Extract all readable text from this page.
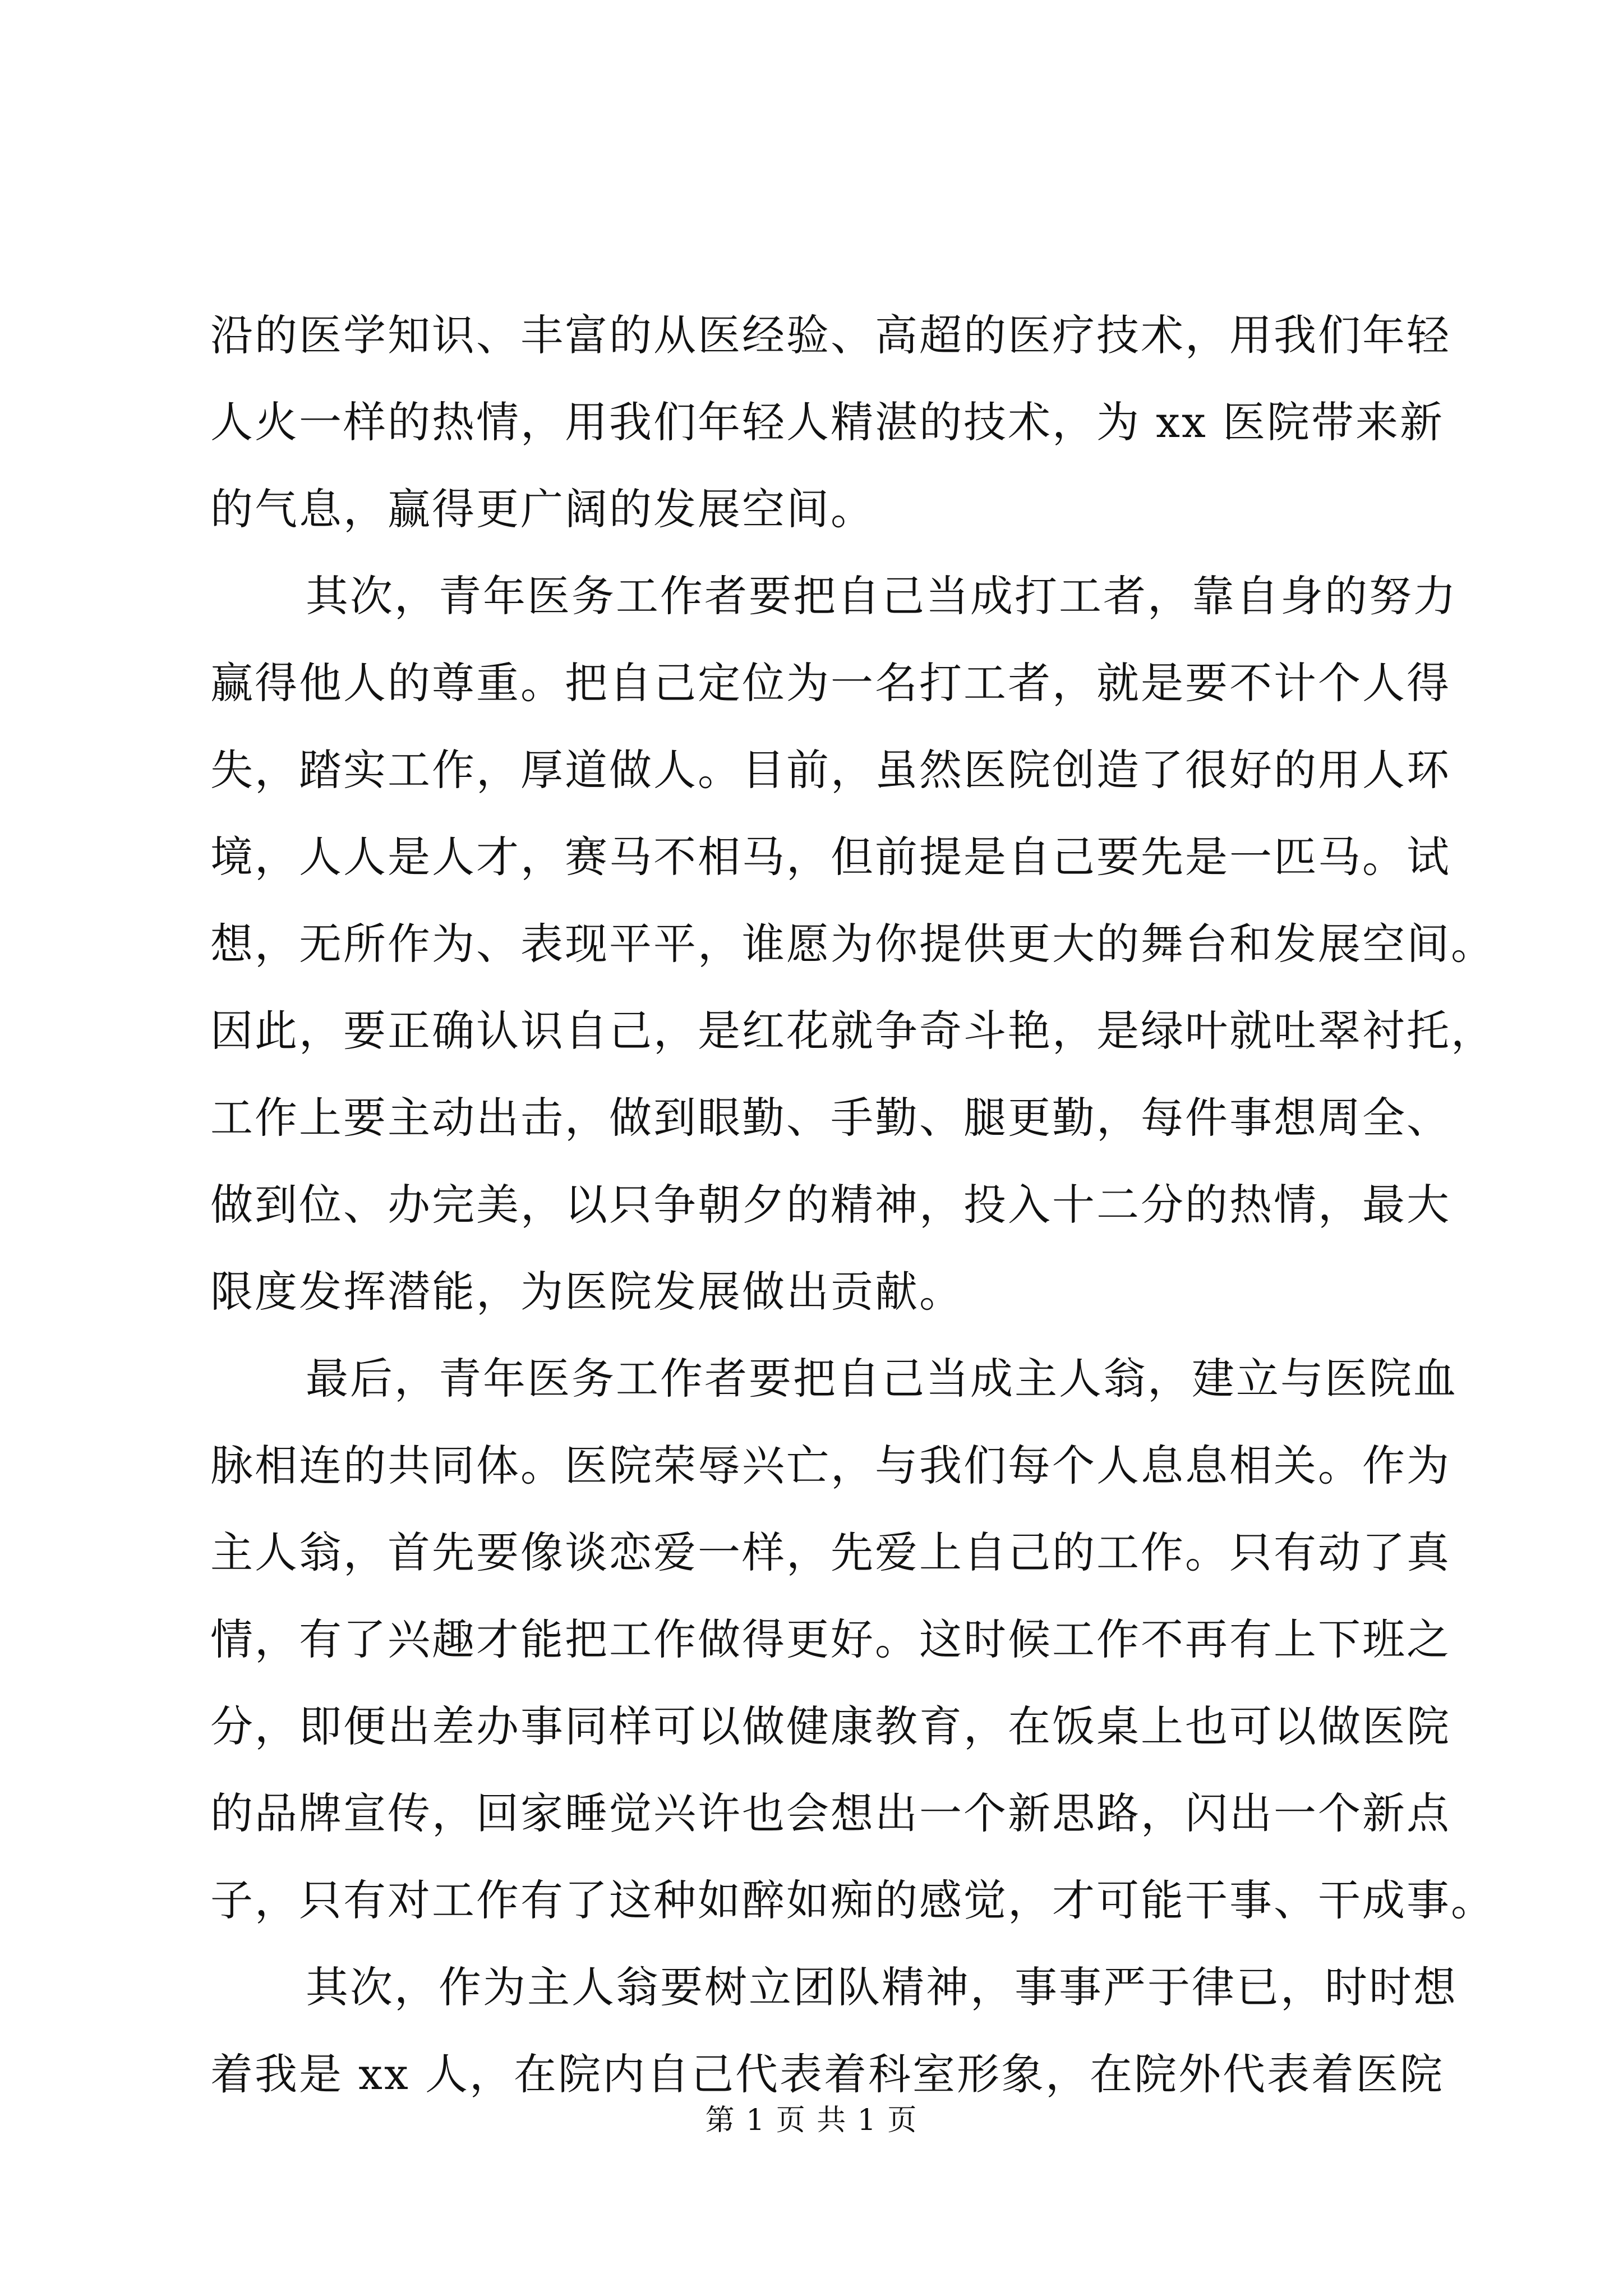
沿的医学知识、丰富的从医经验、高超的医疗技术，用我们年轻
人火一样的热情，用我们年轻人精湛的技术，为 xx 医院带来新
的气息，赢得更广阔的发展空间。
其次，青年医务工作者要把自己当成打工者，靠自身的努力
赢得他人的尊重。把自己定位为一名打工者，就是要不计个人得
失，踏实工作，厚道做人。目前，虽然医院创造了很好的用人环
境，人人是人才，赛马不相马，但前提是自己要先是一匹马。试
想，无所作为、表现平平，谁愿为你提供更大的舞台和发展空间。
因此，要正确认识自己，是红花就争奇斗艳，是绿叶就吐翠衬托，
工作上要主动出击，做到眼勤、手勤、腿更勤，每件事想周全、
做到位、办完美，以只争朝夕的精神，投入十二分的热情，最大
限度发挥潜能，为医院发展做出贡献。
最后，青年医务工作者要把自己当成主人翁，建立与医院血
脉相连的共同体。医院荣辱兴亡，与我们每个人息息相关。作为
主人翁，首先要像谈恋爱一样，先爱上自己的工作。只有动了真
情，有了兴趣才能把工作做得更好。这时候工作不再有上下班之
分，即便出差办事同样可以做健康教育，在饭桌上也可以做医院
的品牌宣传，回家睡觉兴许也会想出一个新思路，闪出一个新点
子，只有对工作有了这种如醉如痴的感觉，才可能干事、干成事。
其次，作为主人翁要树立团队精神，事事严于律已，时时想
着我是 xx 人，在院内自己代表着科室形象，在院外代表着医院
第 1 页 共 1 页
